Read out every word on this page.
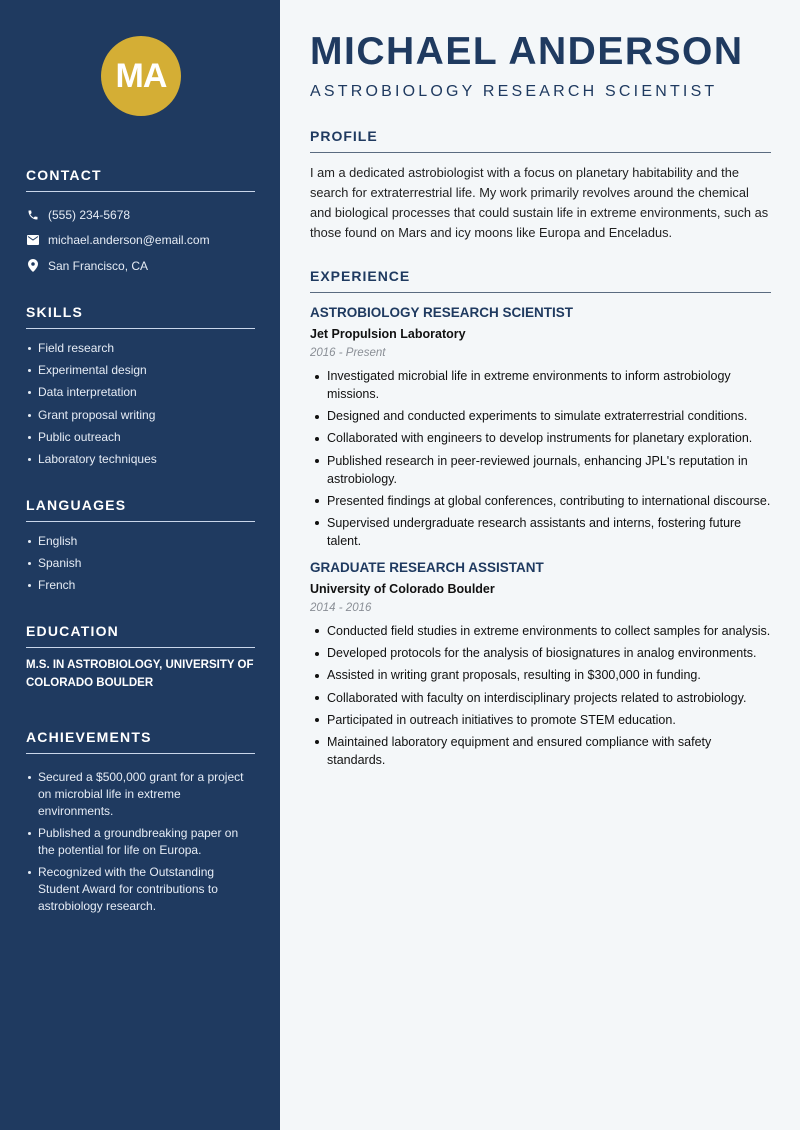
MA
CONTACT
(555) 234-5678
michael.anderson@email.com
San Francisco, CA
SKILLS
Field research
Experimental design
Data interpretation
Grant proposal writing
Public outreach
Laboratory techniques
LANGUAGES
English
Spanish
French
EDUCATION
M.S. IN ASTROBIOLOGY, UNIVERSITY OF COLORADO BOULDER
ACHIEVEMENTS
Secured a $500,000 grant for a project on microbial life in extreme environments.
Published a groundbreaking paper on the potential for life on Europa.
Recognized with the Outstanding Student Award for contributions to astrobiology research.
MICHAEL ANDERSON
ASTROBIOLOGY RESEARCH SCIENTIST
PROFILE

I am a dedicated astrobiologist with a focus on planetary habitability and the search for extraterrestrial life. My work primarily revolves around the chemical and biological processes that could sustain life in extreme environments, such as those found on Mars and icy moons like Europa and Enceladus.

EXPERIENCE
ASTROBIOLOGY RESEARCH SCIENTIST
Jet Propulsion Laboratory
2016 - Present
Investigated microbial life in extreme environments to inform astrobiology missions.
Designed and conducted experiments to simulate extraterrestrial conditions.
Collaborated with engineers to develop instruments for planetary exploration.
Published research in peer-reviewed journals, enhancing JPL's reputation in astrobiology.
Presented findings at global conferences, contributing to international discourse.
Supervised undergraduate research assistants and interns, fostering future talent.
GRADUATE RESEARCH ASSISTANT
University of Colorado Boulder
2014 - 2016
Conducted field studies in extreme environments to collect samples for analysis.
Developed protocols for the analysis of biosignatures in analog environments.
Assisted in writing grant proposals, resulting in $300,000 in funding.
Collaborated with faculty on interdisciplinary projects related to astrobiology.
Participated in outreach initiatives to promote STEM education.
Maintained laboratory equipment and ensured compliance with safety standards.
